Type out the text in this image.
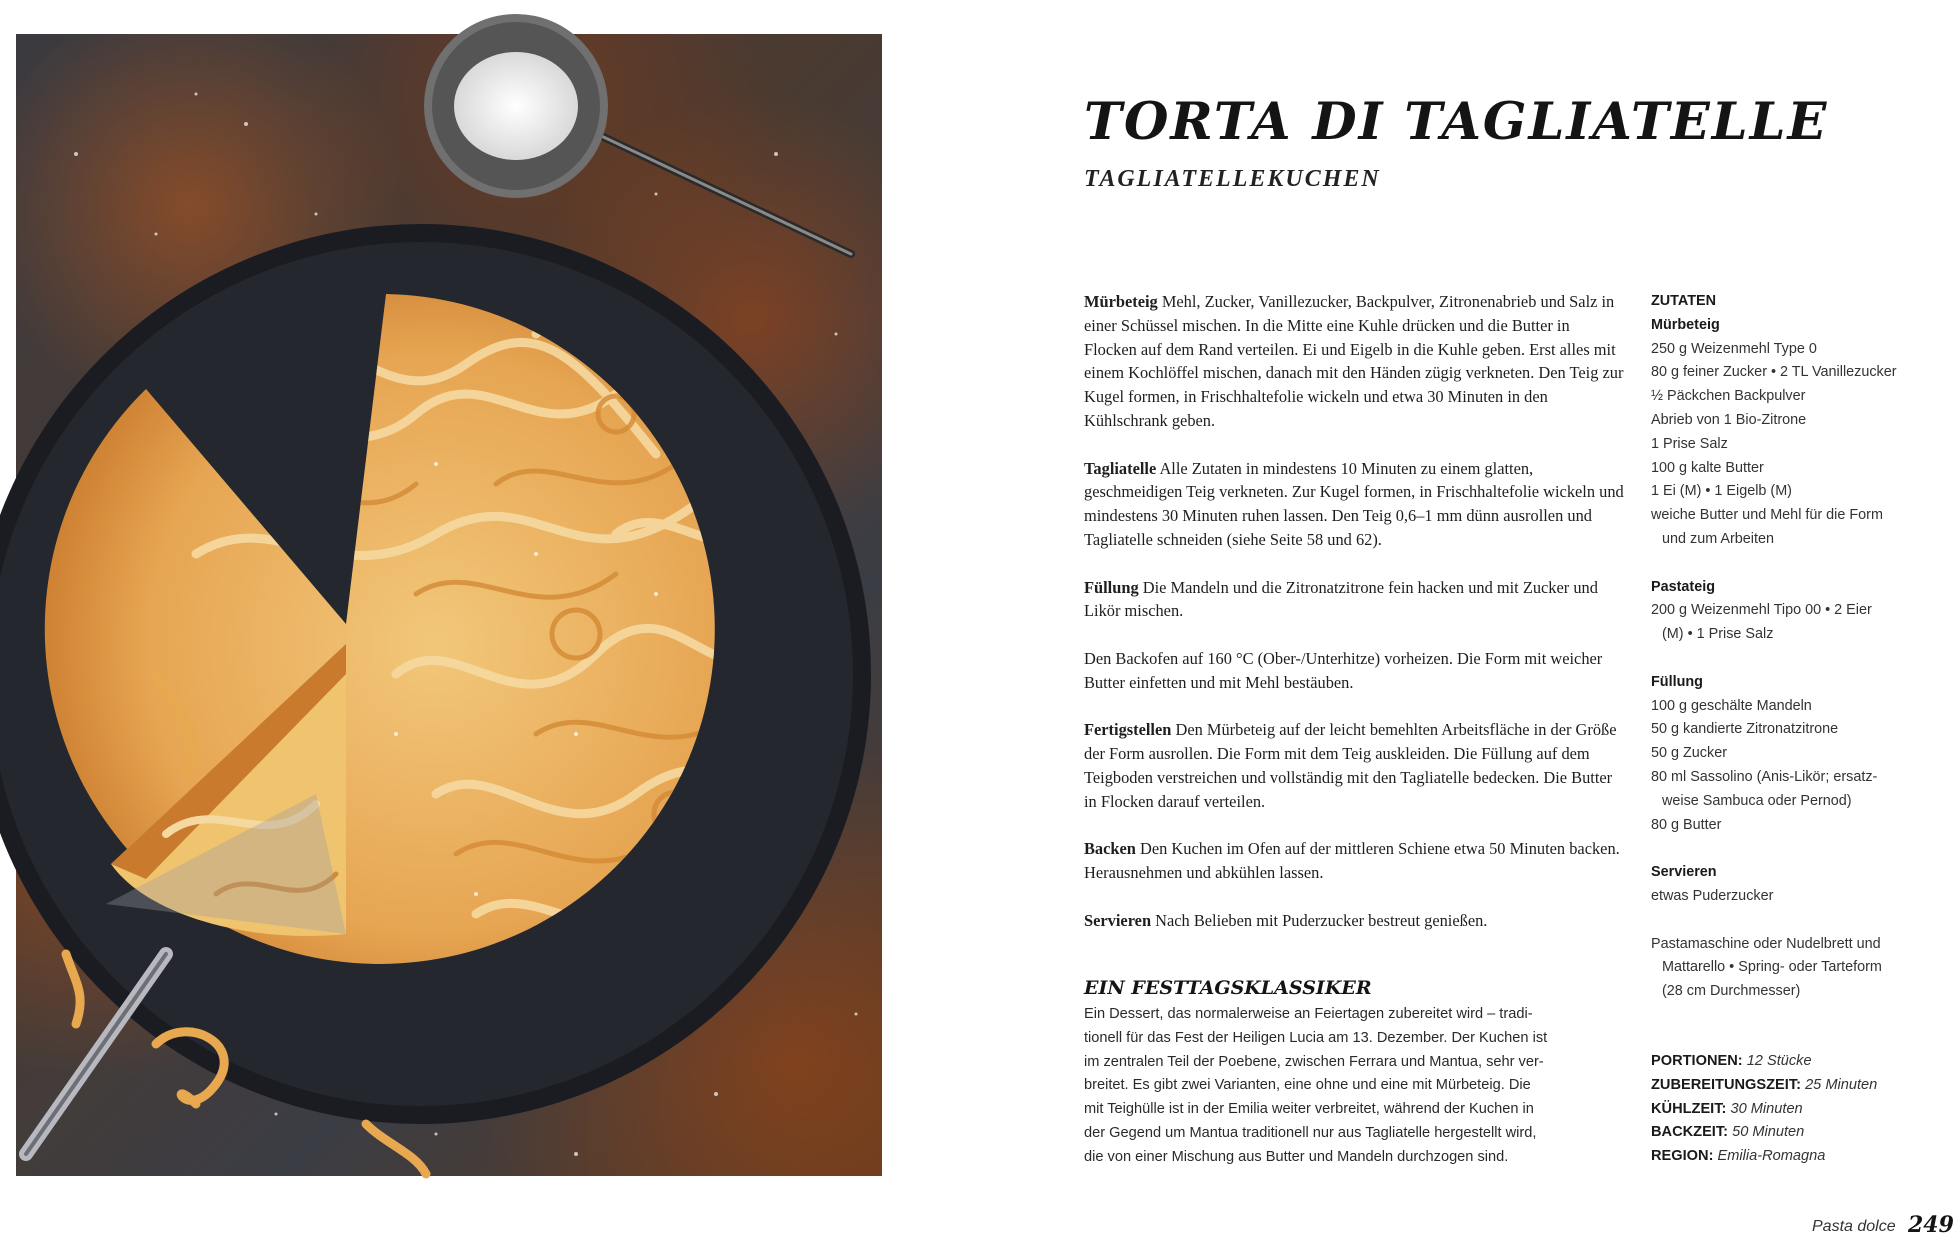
TORTA DI TAGLIATELLE
TAGLIATELLEKUCHEN

Mürbeteig Mehl, Zucker, Vanillezucker, Backpulver, Zitronenabrieb und Salz in einer Schüssel mischen. In die Mitte eine Kuhle drücken und die Butter in Flocken auf dem Rand verteilen. Ei und Eigelb in die Kuhle geben. Erst alles mit einem Kochlöffel mischen, danach mit den Händen zügig verkneten. Den Teig zur Kugel formen, in Frischhaltefolie wickeln und etwa 30 Minuten in den Kühlschrank geben.

Tagliatelle Alle Zutaten in mindestens 10 Minuten zu einem glatten, geschmeidigen Teig verkneten. Zur Kugel formen, in Frischhaltefolie wickeln und mindestens 30 Minuten ruhen lassen. Den Teig 0,6–1 mm dünn ausrollen und Tagliatelle schneiden (siehe Seite 58 und 62).

Füllung Die Mandeln und die Zitronatzitrone fein hacken und mit Zucker und Likör mischen.

Den Backofen auf 160 °C (Ober-/Unterhitze) vorheizen. Die Form mit weicher Butter einfetten und mit Mehl bestäuben.

Fertigstellen Den Mürbeteig auf der leicht bemehlten Arbeitsfläche in der Größe der Form ausrollen. Die Form mit dem Teig auskleiden. Die Füllung auf dem Teigboden verstreichen und vollständig mit den Tagliatelle bedecken. Die Butter in Flocken darauf verteilen.

Backen Den Kuchen im Ofen auf der mittleren Schiene etwa 50 Minuten backen. Herausnehmen und abkühlen lassen.

Servieren Nach Belieben mit Puderzucker bestreut genießen.

EIN FESTTAGSKLASSIKER
Ein Dessert, das normalerweise an Feiertagen zubereitet wird – tradi-
tionell für das Fest der Heiligen Lucia am 13. Dezember. Der Kuchen ist
im zentralen Teil der Poebene, zwischen Ferrara und Mantua, sehr ver-
breitet. Es gibt zwei Varianten, eine ohne und eine mit Mürbeteig. Die
mit Teighülle ist in der Emilia weiter verbreitet, während der Kuchen in
der Gegend um Mantua traditionell nur aus Tagliatelle hergestellt wird,
die von einer Mischung aus Butter und Mandeln durchzogen sind.
ZUTATEN
Mürbeteig
250 g Weizenmehl Type 0
80 g feiner Zucker • 2 TL Vanillezucker
½ Päckchen Backpulver
Abrieb von 1 Bio-Zitrone
1 Prise Salz
100 g kalte Butter
1 Ei (M) • 1 Eigelb (M)
weiche Butter und Mehl für die Form
und zum Arbeiten
Pastateig
200 g Weizenmehl Tipo 00 • 2 Eier
(M) • 1 Prise Salz
Füllung
100 g geschälte Mandeln
50 g kandierte Zitronatzitrone
50 g Zucker
80 ml Sassolino (Anis-Likör; ersatz-
weise Sambuca oder Pernod)
80 g Butter
Servieren
etwas Puderzucker
Pastamaschine oder Nudelbrett und
Mattarello • Spring- oder Tarteform
(28 cm Durchmesser)
PORTIONEN: 12 Stücke
ZUBEREITUNGSZEIT: 25 Minuten
KÜHLZEIT: 30 Minuten
BACKZEIT: 50 Minuten
REGION: Emilia-Romagna
Pasta dolce 249
